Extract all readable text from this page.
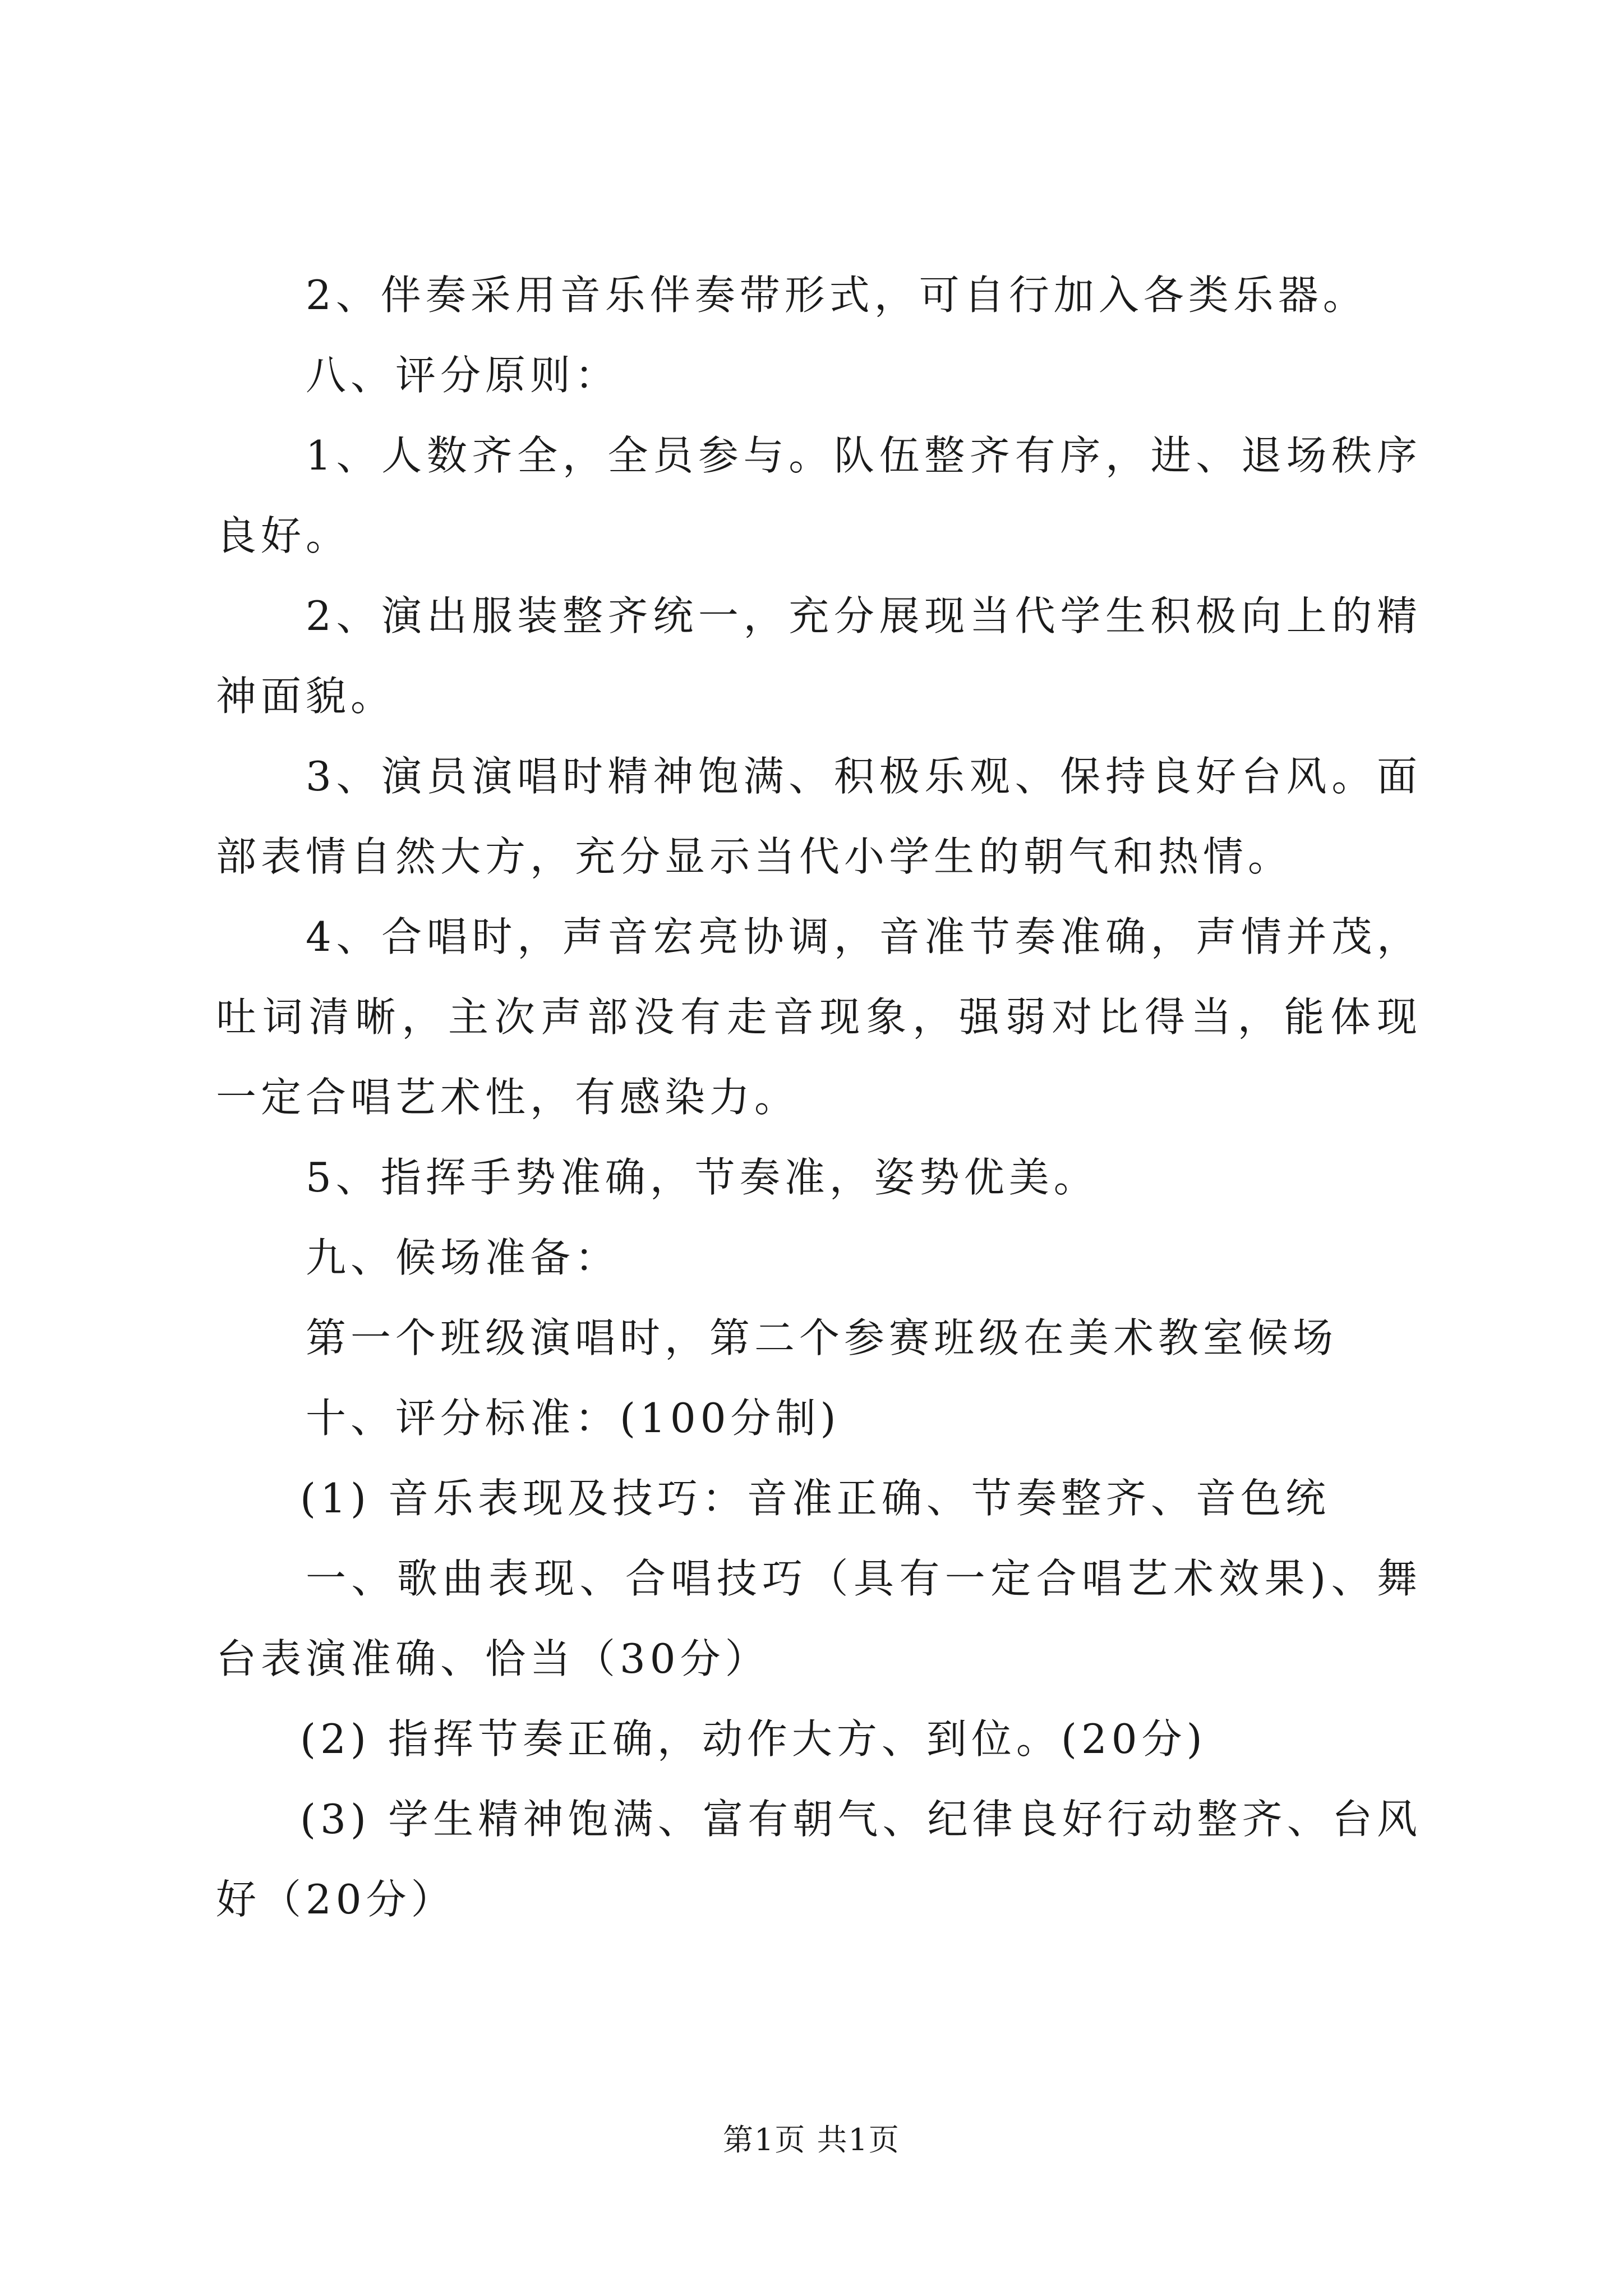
2、伴奏采用音乐伴奏带形式，可自行加入各类乐器。

八、评分原则：

1、人数齐全，全员参与。队伍整齐有序，进、退场秩序良好。

2、演出服装整齐统一，充分展现当代学生积极向上的精神面貌。

3、演员演唱时精神饱满、积极乐观、保持良好台风。面部表情自然大方，充分显示当代小学生的朝气和热情。

4、合唱时，声音宏亮协调，音准节奏准确，声情并茂，吐词清晰，主次声部没有走音现象，强弱对比得当，能体现一定合唱艺术性，有感染力。

5、指挥手势准确，节奏准，姿势优美。

九、候场准备：

第一个班级演唱时，第二个参赛班级在美术教室候场

十、评分标准：(100分制)

(1) 音乐表现及技巧：音准正确、节奏整齐、音色统

一、歌曲表现、合唱技巧（具有一定合唱艺术效果)、舞台表演准确、恰当（30分）

(2) 指挥节奏正确，动作大方、到位。(20分)

(3) 学生精神饱满、富有朝气、纪律良好行动整齐、台风好（20分）

第1页 共1页
